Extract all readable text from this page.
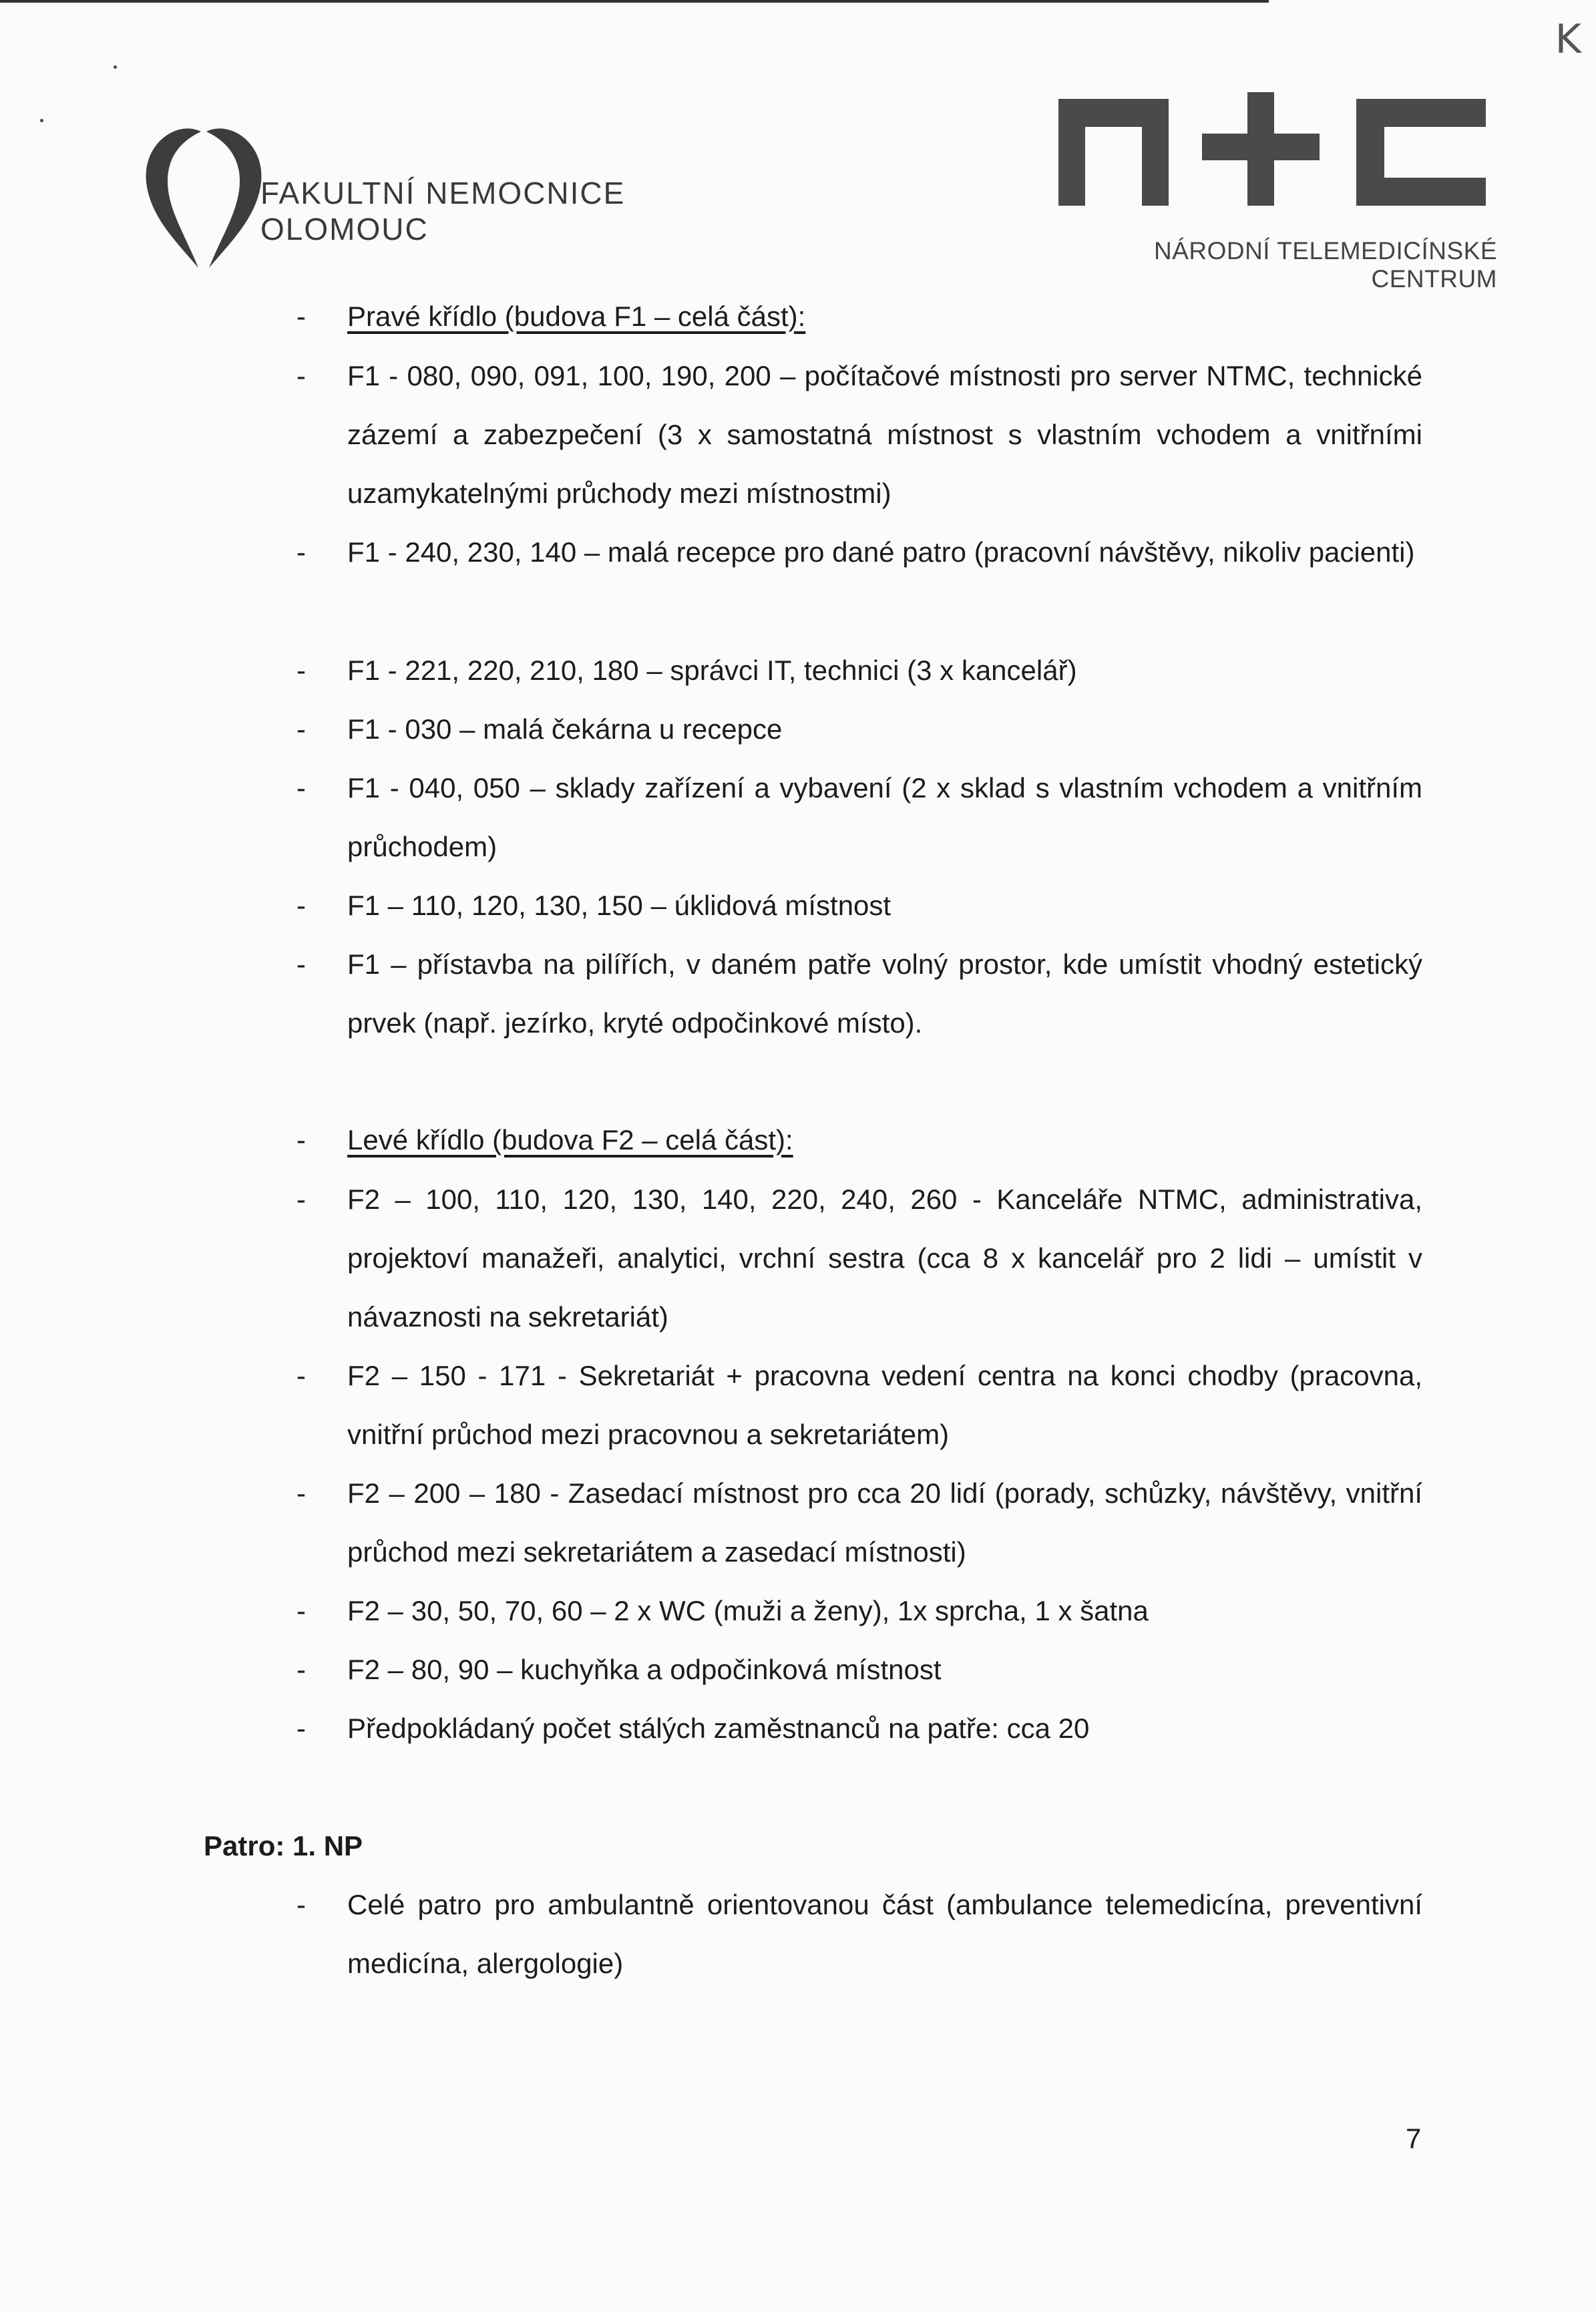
K
FAKULTNÍ NEMOCNICE
OLOMOUC
NÁRODNÍ TELEMEDICÍNSKÉ CENTRUM
- Pravé křídlo (budova F1 – celá část):
- F1 - 080, 090, 091, 100, 190, 200 – počítačové místnosti pro server NTMC, technické zázemí a zabezpečení (3 x samostatná místnost s vlastním vchodem a vnitřními uzamykatelnými průchody mezi místnostmi)
- F1 - 240, 230, 140 – malá recepce pro dané patro (pracovní návštěvy, nikoliv pacienti)
- F1 - 221, 220, 210, 180 – správci IT, technici (3 x kancelář)
- F1 - 030 – malá čekárna u recepce
- F1 - 040, 050 – sklady zařízení a vybavení (2 x sklad s vlastním vchodem a vnitřním průchodem)
- F1 – 110, 120, 130, 150 – úklidová místnost
- F1 – přístavba na pilířích, v daném patře volný prostor, kde umístit vhodný estetický prvek (např. jezírko, kryté odpočinkové místo).
- Levé křídlo (budova F2 – celá část):
- F2 – 100, 110, 120, 130, 140, 220, 240, 260 - Kanceláře NTMC, administrativa, projektoví manažeři, analytici, vrchní sestra (cca 8 x kancelář pro 2 lidi – umístit v návaznosti na sekretariát)
- F2 – 150 - 171 - Sekretariát + pracovna vedení centra na konci chodby (pracovna, vnitřní průchod mezi pracovnou a sekretariátem)
- F2 – 200 – 180 - Zasedací místnost pro cca 20 lidí (porady, schůzky, návštěvy, vnitřní průchod mezi sekretariátem a zasedací místnosti)
- F2 – 30, 50, 70, 60 – 2 x WC (muži a ženy), 1x sprcha, 1 x šatna
- F2 – 80, 90 – kuchyňka a odpočinková místnost
- Předpokládaný počet stálých zaměstnanců na patře: cca 20
Patro: 1. NP
- Celé patro pro ambulantně orientovanou část (ambulance telemedicína, preventivní medicína, alergologie)
7
